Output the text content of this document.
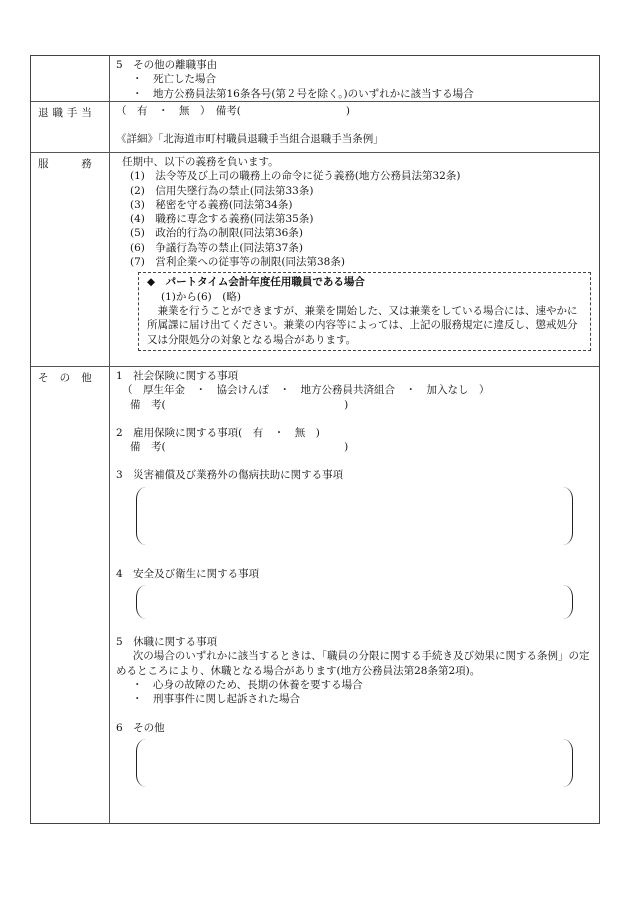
5　その他の離職事由
・　死亡した場合
・　地方公務員法第16条各号(第２号を除く。)のいずれかに該当する場合
退 職 手 当	（　有　・　無　）　備考(　　　　　　　　　　)
《詳細》「北海道市町村職員退職手当組合退職手当条例」
服　　　務	任期中、以下の義務を負います。
(1)　法令等及び上司の職務上の命令に従う義務(地方公務員法第32条)
(2)　信用失墜行為の禁止(同法第33条)
(3)　秘密を守る義務(同法第34条)
(4)　職務に専念する義務(同法第35条)
(5)　政治的行為の制限(同法第36条)
(6)　争議行為等の禁止(同法第37条)
(7)　営利企業への従事等の制限(同法第38条)
◆　パートタイム会計年度任用職員である場合
(1)から(6)　(略)
兼業を行うことができますが、兼業を開始した、又は兼業をしている場合には、速やかに所属課に届け出てください。兼業の内容等によっては、上記の服務規定に違反し、懲戒処分又は分限処分の対象となる場合があります。
そ　の　他	1　社会保険に関する事項
（　厚生年金　・　協会けんぽ　・　地方公務員共済組合　・　加入なし　）
備　考(　　　　　　　　　　　　　　　　　)
2　雇用保険に関する事項(　有　・　無　)
備　考(　　　　　　　　　　　　　　　　　)
3　災害補償及び業務外の傷病扶助に関する事項
4　安全及び衛生に関する事項
5　休職に関する事項
次の場合のいずれかに該当するときは、「職員の分限に関する手続き及び効果に関する条例」の定めるところにより、休職となる場合があります(地方公務員法第28条第2項)。
・　心身の故障のため、長期の休養を要する場合
・　刑事事件に関し起訴された場合
6　その他
